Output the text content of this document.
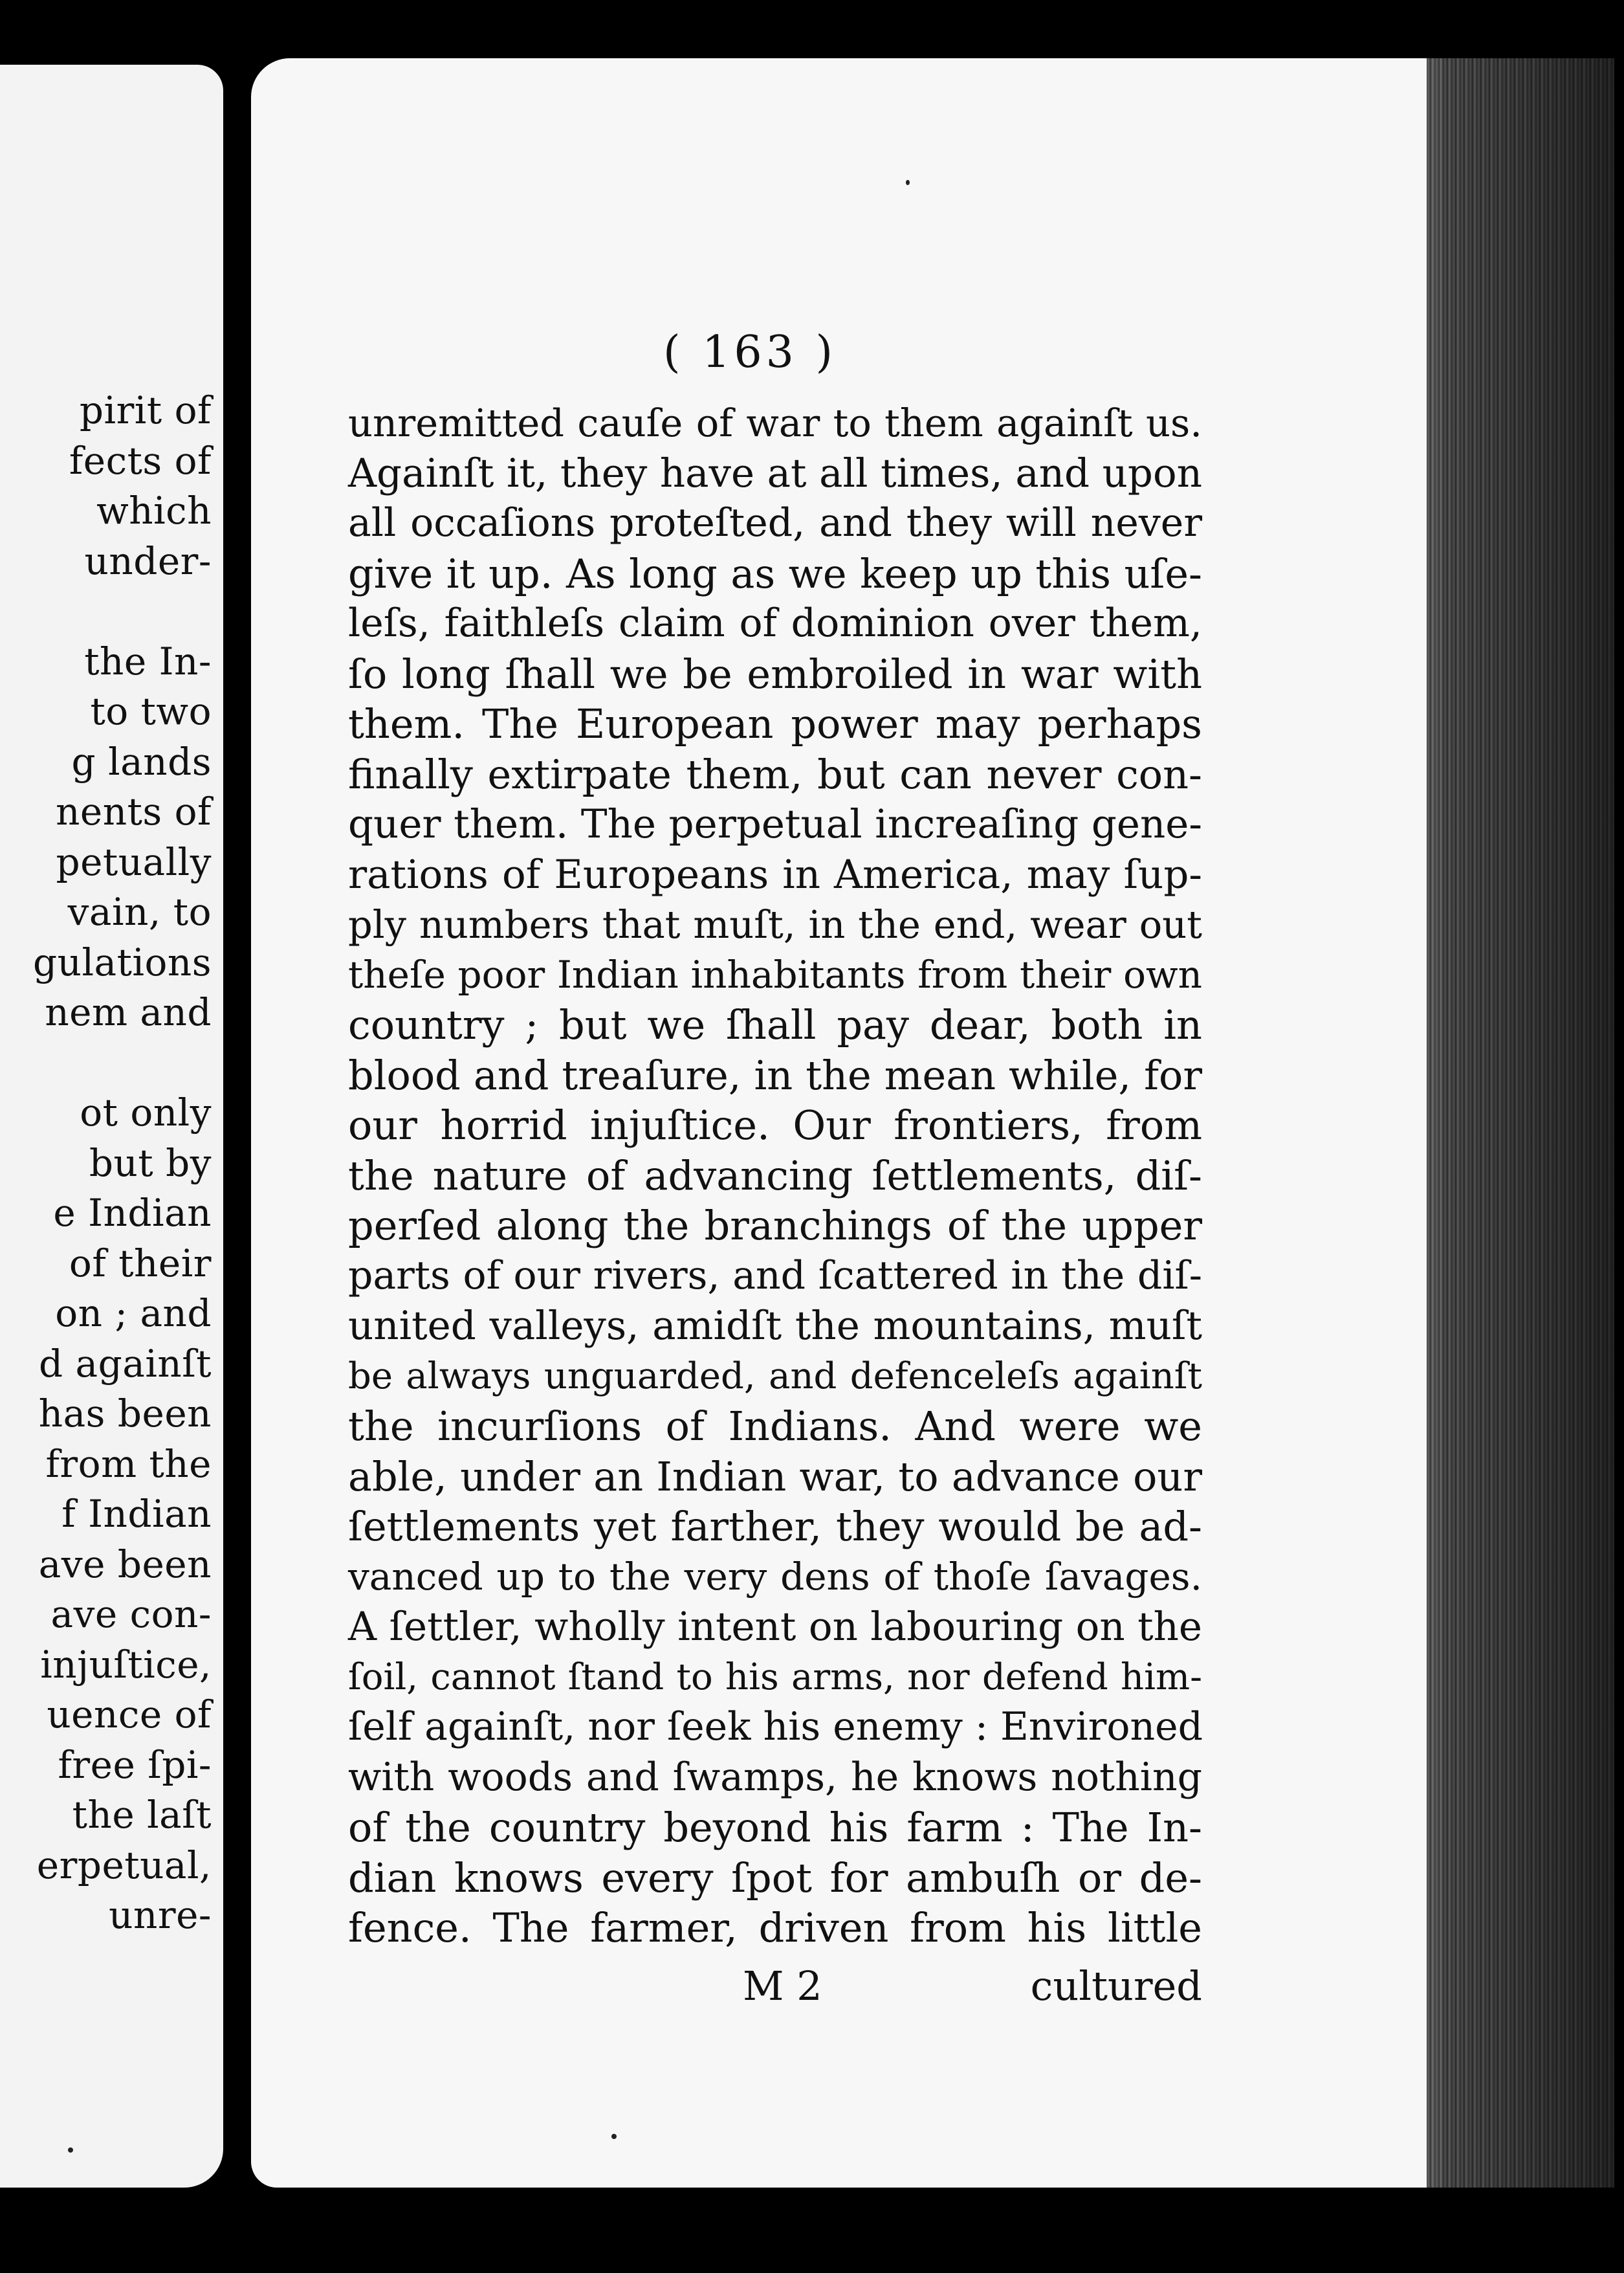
pirit of
fects of
which
under-
the In-
to two
g lands
nents of
petually
vain, to
gulations
nem and
ot only
but by
e Indian
of their
on ; and
d againſt
has been
from the
f Indian
ave been
ave con-
injuſtice,
uence of
free ſpi-
the laſt
erpetual,
unre-
( 163 )
unremitted cauſe of war to them againſt us.
Againſt it, they have at all times, and upon
all occaſions proteſted, and they will never
give it up. As long as we keep up this uſe-
leſs, faithleſs claim of dominion over them,
ſo long ſhall we be embroiled in war with
them. The European power may perhaps
finally extirpate them, but can never con-
quer them. The perpetual increaſing gene-
rations of Europeans in America, may ſup-
ply numbers that muſt, in the end, wear out
theſe poor Indian inhabitants from their own
country ; but we ſhall pay dear, both in
blood and treaſure, in the mean while, for
our horrid injuſtice. Our frontiers, from
the nature of advancing ſettlements, diſ-
perſed along the branchings of the upper
parts of our rivers, and ſcattered in the diſ-
united valleys, amidſt the mountains, muſt
be always unguarded, and defenceleſs againſt
the incurſions of Indians. And were we
able, under an Indian war, to advance our
ſettlements yet farther, they would be ad-
vanced up to the very dens of thoſe ſavages.
A ſettler, wholly intent on labouring on the
ſoil, cannot ſtand to his arms, nor defend him-
ſelf againſt, nor ſeek his enemy : Environed
with woods and ſwamps, he knows nothing
of the country beyond his farm : The In-
dian knows every ſpot for ambuſh or de-
fence. The farmer, driven from his little
M 2	cultured
